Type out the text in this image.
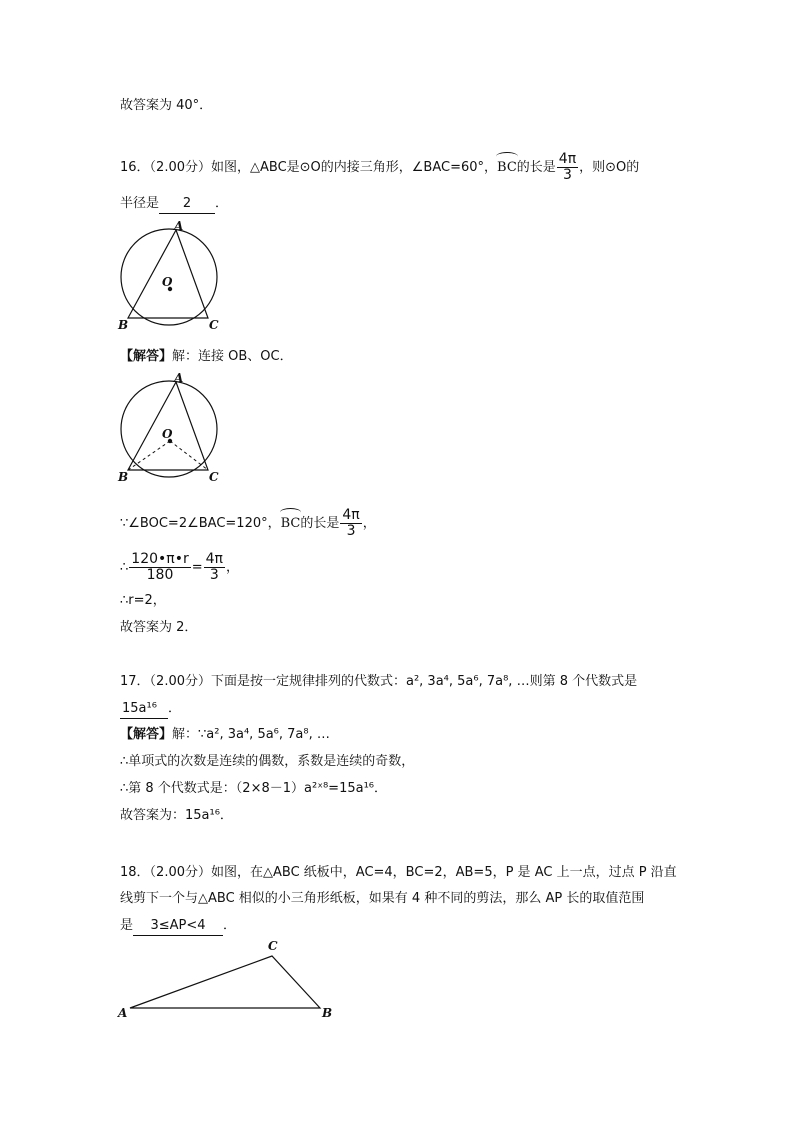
故答案为 40°．
16．（2.00分）如图，△ABC是⊙O的内接三角形，∠BAC=60°，BC的长是 $\frac{4\pi}{3}$ ，则⊙O的
半径是 2 ．
A
O
B	C
【解答】解：连接 OB、OC．
A
O
B	C
∵∠BOC=2∠BAC=120°，BC的长是 $\frac{4\pi}{3}$ ，
∴ $\frac{120•\pi•r}{180} = \frac{4\pi}{3}$ ，
∴r=2，
故答案为 2．
17．（2.00分）下面是按一定规律排列的代数式：a², 3a⁴, 5a⁶, 7a⁸, …则第 8 个代数式是
15a¹⁶ ．
【解答】解：∵a², 3a⁴, 5a⁶, 7a⁸, …
∴单项式的次数是连续的偶数，系数是连续的奇数，
∴第 8 个代数式是：（2×8－1）a²ˣ⁸=15a¹⁶．
故答案为：15a¹⁶．
18．（2.00分）如图，在△ABC 纸板中，AC=4，BC=2，AB=5，P 是 AC 上一点，过点 P 沿直
线剪下一个与△ABC 相似的小三角形纸板，如果有 4 种不同的剪法，那么 AP 长的取值范围
是 3≤AP<4 ．
A
C
B
